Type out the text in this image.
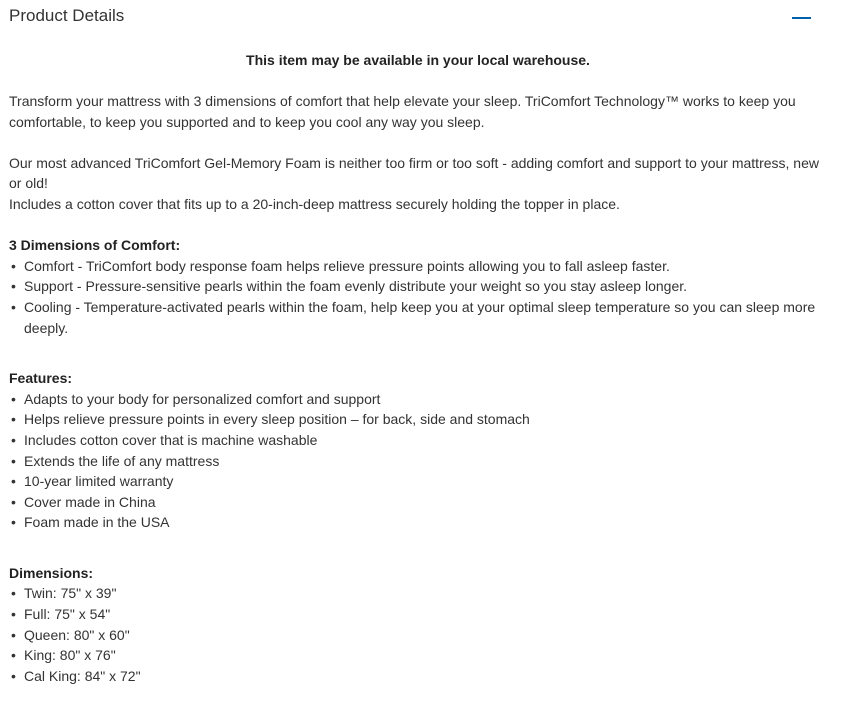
Product Details
This item may be available in your local warehouse.

Transform your mattress with 3 dimensions of comfort that help elevate your sleep. TriComfort Technology™ works to keep you comfortable, to keep you supported and to keep you cool any way you sleep.

Our most advanced TriComfort Gel-Memory Foam is neither too firm or too soft - adding comfort and support to your mattress, new or old!

Includes a cotton cover that fits up to a 20-inch-deep mattress securely holding the topper in place.

3 Dimensions of Comfort:
• Comfort - TriComfort body response foam helps relieve pressure points allowing you to fall asleep faster.
• Support - Pressure-sensitive pearls within the foam evenly distribute your weight so you stay asleep longer.
• Cooling - Temperature-activated pearls within the foam, help keep you at your optimal sleep temperature so you can sleep more deeply.
Features:
• Adapts to your body for personalized comfort and support
• Helps relieve pressure points in every sleep position – for back, side and stomach
• Includes cotton cover that is machine washable
• Extends the life of any mattress
• 10-year limited warranty
• Cover made in China
• Foam made in the USA
Dimensions:
• Twin: 75" x 39"
• Full: 75" x 54"
• Queen: 80" x 60"
• King: 80" x 76"
• Cal King: 84" x 72"
